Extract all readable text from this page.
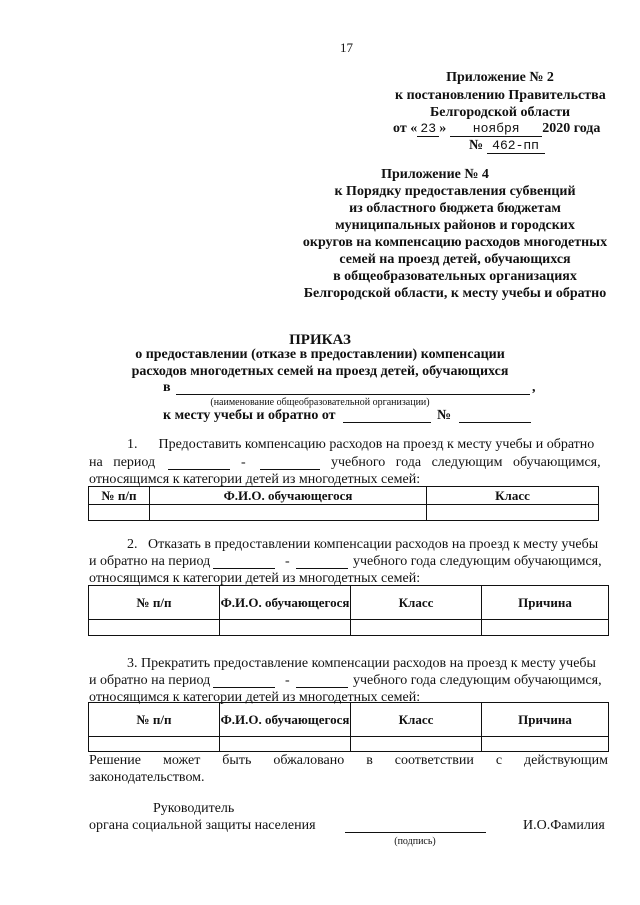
17
Приложение № 2
к постановлению Правительства
Белгородской области
от « 23 » ноября 2020 года
№ 462-пп
Приложение № 4
к Порядку предоставления субвенций
из областного бюджета бюджетам
муниципальных районов и городских
округов на компенсацию расходов многодетных
семей на проезд детей, обучающихся
в общеобразовательных организациях
Белгородской области, к месту учебы и обратно
ПРИКАЗ
о предоставлении (отказе в предоставлении) компенсации
расходов многодетных семей на проезд детей, обучающихся
в	,
(наименование общеобразовательной организации)
к месту учебы и обратно от	№
1.      Предоставить компенсацию расходов на проезд к месту учебы и обратно
на   период	-	учебного   года   следующим   обучающимся,
относящимся к категории детей из многодетных семей:
№ п/п	Ф.И.О. обучающегося	Класс

2.   Отказать в предоставлении компенсации расходов на проезд к месту учебы
и обратно на период	-	учебного года следующим обучающимся,
относящимся к категории детей из многодетных семей:
№ п/п	Ф.И.О. обучающегося	Класс	Причина

3. Прекратить предоставление компенсации расходов на проезд к месту учебы
и обратно на период	-	учебного года следующим обучающимся,
относящимся к категории детей из многодетных семей:
№ п/п	Ф.И.О. обучающегося	Класс	Причина

Решение может быть обжаловано в соответствии с действующим
законодательством.
Руководитель
органа социальной защиты населения	И.О.Фамилия
(подпись)
